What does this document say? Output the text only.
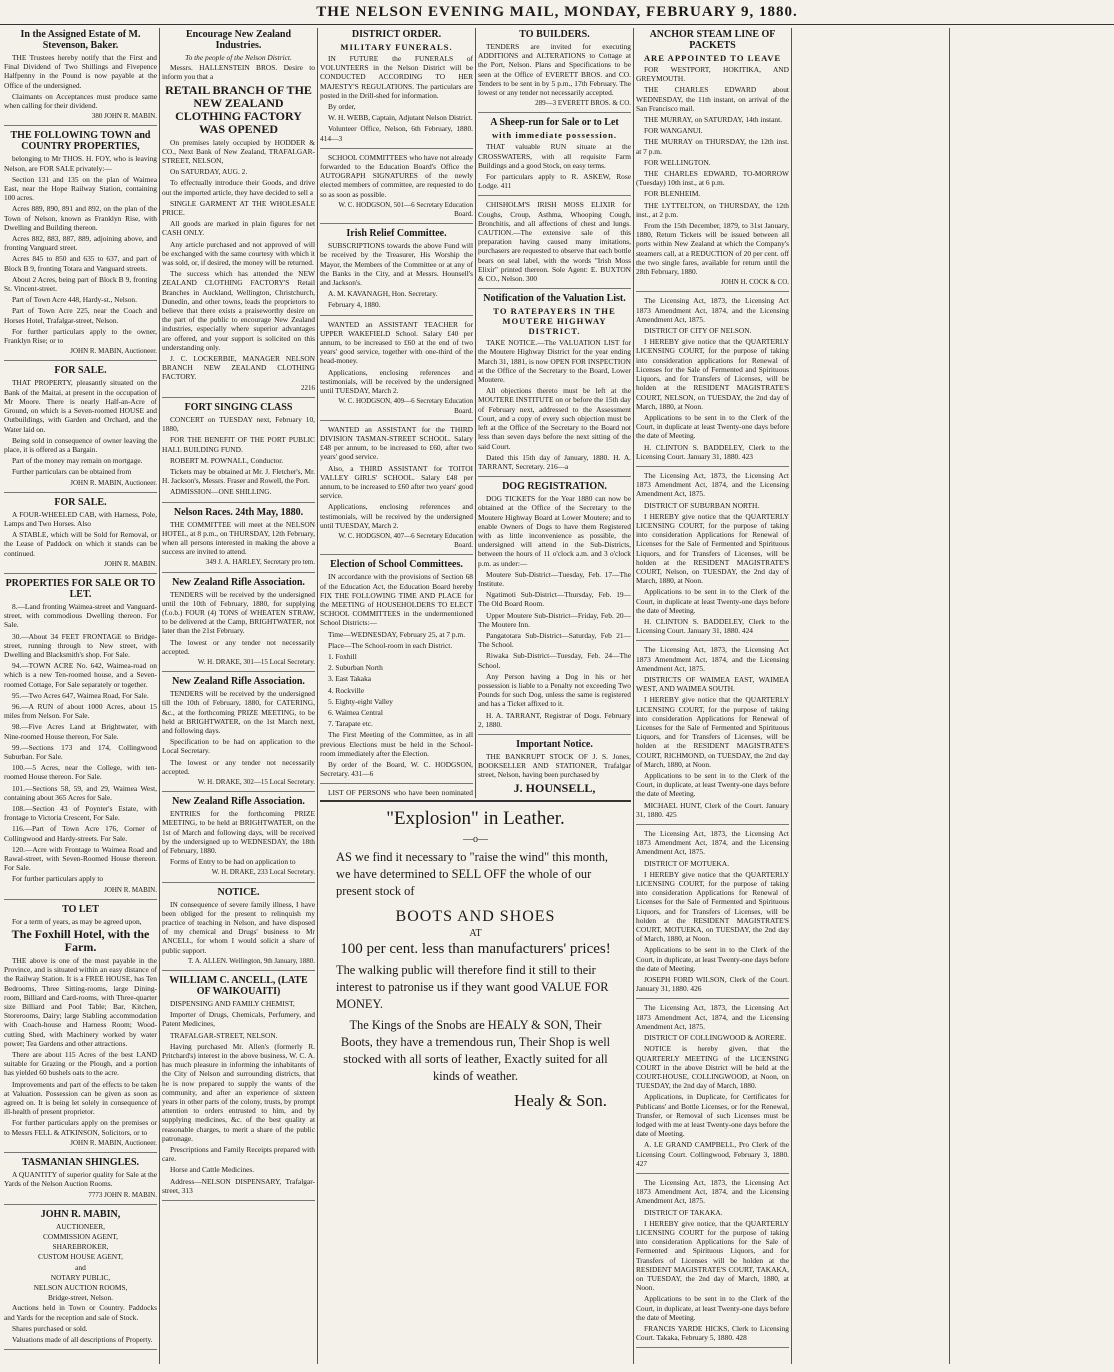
THE NELSON EVENING MAIL, MONDAY, FEBRUARY 9, 1880.
In the Assigned Estate of M. Stevenson, Baker.

THE Trustees hereby notify that the First and Final Dividend of Two Shillings and Fivepence Halfpenny in the Pound is now payable at the Office of the undersigned.

Claimants on Acceptances must produce same when calling for their dividend.

380 JOHN R. MABIN.
THE FOLLOWING TOWN and COUNTRY PROPERTIES,

belonging to Mr THOS. H. FOY, who is leaving Nelson, are FOR SALE privately:—

Section 131 and 135 on the plan of Waimea East, near the Hope Railway Station, containing 100 acres.

Acres 889, 890, 891 and 892, on the plan of the Town of Nelson, known as Franklyn Rise, with Dwelling and Building thereon.

Acres 882, 883, 887, 889, adjoining above, and fronting Vanguard street.

Acres 845 to 850 and 635 to 637, and part of Block B 9, fronting Totara and Vanguard streets.

About 2 Acres, being part of Block B 9, fronting St. Vincent-street.

Part of Town Acre 448, Hardy-st., Nelson.

Part of Town Acre 225, near the Coach and Horses Hotel, Trafalgar-street, Nelson.

For further particulars apply to the owner, Franklyn Rise; or to

JOHN R. MABIN, Auctioneer.
FOR SALE.

THAT PROPERTY, pleasantly situated on the Bank of the Maitai, at present in the occupation of Mr Moore. There is nearly Half-an-Acre of Ground, on which is a Seven-roomed HOUSE and Outbuildings, with Garden and Orchard, and the Water laid on.

Being sold in consequence of owner leaving the place, it is offered as a Bargain.

Part of the money may remain on mortgage.

Further particulars can be obtained from

JOHN R. MABIN, Auctioneer.
FOR SALE.

A FOUR-WHEELED CAB, with Harness, Pole, Lamps and Two Horses. Also

A STABLE, which will be Sold for Removal, or the Lease of Paddock on which it stands can be continued.

JOHN R. MABIN.
PROPERTIES FOR SALE OR TO LET.

8.—Land fronting Waimea-street and Vanguard-street, with commodious Dwelling thereon. For Sale.

30.—About 34 FEET FRONTAGE to Bridge-street, running through to New street, with Dwelling and Blacksmith's shop. For Sale.

94.—TOWN ACRE No. 642, Waimea-road on which is a new Ten-roomed house, and a Seven-roomed Cottage, For Sale separately or together.

95.—Two Acres 647, Waimea Road, For Sale.

96.—A RUN of about 1000 Acres, about 15 miles from Nelson. For Sale.

98.—Five Acres Land at Brightwater, with Nine-roomed House thereon, For Sale.

99.—Sections 173 and 174, Collingwood Suburban. For Sale.

100.—5 Acres, near the College, with ten-roomed House thereon. For Sale.

101.—Sections 58, 59, and 29, Waimea West, containing about 365 Acres for Sale.

108.—Section 43 of Poynter's Estate, with frontage to Victoria Crescent, For Sale.

116.—Part of Town Acre 176, Corner of Collingwood and Hardy-streets. For Sale.

120.—Acre with Frontage to Waimea Road and Rawal-street, with Seven-Roomed House thereon. For Sale.

For further particulars apply to

JOHN R. MABIN.
TO LET

For a term of years, as may be agreed upon,

The Foxhill Hotel, with the Farm.

THE above is one of the most payable in the Province, and is situated within an easy distance of the Railway Station. It is a FREE HOUSE, has Ten Bedrooms, Three Sitting-rooms, large Dining-room, Billiard and Card-rooms, with Three-quarter size Billiard and Pool Table; Bar, Kitchen, Storerooms, Dairy; large Stabling accommodation with Coach-house and Harness Room; Wood-cutting Shed, with Machinery worked by water power; Tea Gardens and other attractions.

There are about 115 Acres of the best LAND suitable for Grazing or the Plough, and a portion has yielded 60 bushels oats to the acre.

Improvements and part of the effects to be taken at Valuation. Possession can be given as soon as agreed on. It is being let solely in consequence of ill-health of present proprietor.

For further particulars apply on the premises or to Messrs FELL & ATKINSON, Solicitors, or to

JOHN R. MABIN, Auctioneer.
TASMANIAN SHINGLES.

A QUANTITY of superior quality for Sale at the Yards of the Nelson Auction Rooms.

7773 JOHN R. MABIN.
JOHN R. MABIN,
AUCTIONEER,
COMMISSION AGENT,
SHAREBROKER,
CUSTOM HOUSE AGENT,
and
NOTARY PUBLIC,
NELSON AUCTION ROOMS,
Bridge-street, Nelson.

Auctions held in Town or Country. Paddocks and Yards for the reception and sale of Stock.

Shares purchased or sold.

Valuations made of all descriptions of Property.

Encourage New Zealand Industries.
To the people of the Nelson District.

Messrs. HALLENSTEIN BROS. Desire to inform you that a

RETAIL BRANCH OF THE NEW ZEALAND CLOTHING FACTORY WAS OPENED

On premises lately occupied by HODDER & CO., Next Bank of New Zealand, TRAFALGAR-STREET, NELSON,

On SATURDAY, AUG. 2.

To effectually introduce their Goods, and drive out the imported article, they have decided to sell a

SINGLE GARMENT AT THE WHOLESALE PRICE.

All goods are marked in plain figures for net CASH ONLY.

Any article purchased and not approved of will be exchanged with the same courtesy with which it was sold, or, if desired, the money will be returned.

The success which has attended the NEW ZEALAND CLOTHING FACTORY'S Retail Branches in Auckland, Wellington, Christchurch, Dunedin, and other towns, leads the proprietors to believe that there exists a praiseworthy desire on the part of the public to encourage New Zealand industries, especially where superior advantages are offered, and your support is solicited on this understanding only.

J. C. LOCKERBIE, MANAGER NELSON BRANCH NEW ZEALAND CLOTHING FACTORY.

2216
FORT SINGING CLASS

CONCERT on TUESDAY next, February 10, 1880,

FOR THE BENEFIT OF THE PORT PUBLIC HALL BUILDING FUND.

ROBERT M. POWNALL, Conductor.

Tickets may be obtained at Mr. J. Fletcher's, Mr. H. Jackson's, Messrs. Fraser and Rowell, the Port.

ADMISSION—ONE SHILLING.

Nelson Races. 24th May, 1880.

THE COMMITTEE will meet at the NELSON HOTEL, at 8 p.m., on THURSDAY, 12th February, when all persons interested in making the above a success are invited to attend.

349 J. A. HARLEY, Secretary pro tem.
New Zealand Rifle Association.

TENDERS will be received by the undersigned until the 10th of February, 1880, for supplying (f.o.b.) FOUR (4) TONS of WHEATEN STRAW, to be delivered at the Camp, BRIGHTWATER, not later than the 21st February.

The lowest or any tender not necessarily accepted.

W. H. DRAKE, 301—15 Local Secretary.
New Zealand Rifle Association.

TENDERS will be received by the undersigned till the 10th of February, 1880, for CATERING, &c., at the forthcoming PRIZE MEETING, to be held at BRIGHTWATER, on the 1st March next, and following days.

Specification to be had on application to the Local Secretary.

The lowest or any tender not necessarily accepted.

W. H. DRAKE, 302—15 Local Secretary.
New Zealand Rifle Association.

ENTRIES for the forthcoming PRIZE MEETING, to be held at BRIGHTWATER, on the 1st of March and following days, will be received by the undersigned up to WEDNESDAY, the 18th of February, 1880.

Forms of Entry to be had on application to

W. H. DRAKE, 233 Local Secretary.
NOTICE.

IN consequence of severe family illness, I have been obliged for the present to relinquish my practice of teaching in Nelson, and have disposed of my chemical and Drugs' business to Mr ANCELL, for whom I would solicit a share of public support.

T. A. ALLEN. Wellington, 9th January, 1880.
WILLIAM C. ANCELL, (LATE OF WAIKOUAITI)

DISPENSING AND FAMILY CHEMIST,

Importer of Drugs, Chemicals, Perfumery, and Patent Medicines,

TRAFALGAR-STREET, NELSON.

Having purchased Mr. Allen's (formerly R. Pritchard's) interest in the above business, W. C. A. has much pleasure in informing the inhabitants of the City of Nelson and surrounding districts, that he is now prepared to supply the wants of the community, and after an experience of sixteen years in other parts of the colony, trusts, by prompt attention to orders entrusted to him, and by supplying medicines, &c. of the best quality at reasonable charges, to merit a share of the public patronage.

Prescriptions and Family Receipts prepared with care.

Horse and Cattle Medicines.

Address—NELSON DISPENSARY, Trafalgar-street, 313

DISTRICT ORDER.
MILITARY FUNERALS.

IN FUTURE the FUNERALS of VOLUNTEERS in the Nelson District will be CONDUCTED ACCORDING TO HER MAJESTY'S REGULATIONS. The particulars are posted in the Drill-shed for information.

By order,

W. H. WEBB, Captain, Adjutant Nelson District.

Volunteer Office, Nelson, 6th February, 1880. 414—3

SCHOOL COMMITTEES who have not already forwarded to the Education Board's Office the AUTOGRAPH SIGNATURES of the newly elected members of committee, are requested to do so as soon as possible.

W. C. HODGSON, 501—6 Secretary Education Board.
Irish Relief Committee.

SUBSCRIPTIONS towards the above Fund will be received by the Treasurer, His Worship the Mayor, the Members of the Committee or at any of the Banks in the City, and at Messrs. Hounsell's and Jackson's.

A. M. KAVANAGH, Hon. Secretary.

February 4, 1880.

WANTED an ASSISTANT TEACHER for UPPER WAKEFIELD School. Salary £40 per annum, to be increased to £60 at the end of two years' good service, together with one-third of the head-money.

Applications, enclosing references and testimonials, will be received by the undersigned until TUESDAY, March 2.

W. C. HODGSON, 409—6 Secretary Education Board.

WANTED an ASSISTANT for the THIRD DIVISION TASMAN-STREET SCHOOL. Salary £48 per annum, to be increased to £60, after two years' good service.

Also, a THIRD ASSISTANT for TOITOI VALLEY GIRLS' SCHOOL. Salary £48 per annum, to be increased to £60 after two years' good service.

Applications, enclosing references and testimonials, will be received by the undersigned until TUESDAY, March 2.

W. C. HODGSON, 407—6 Secretary Education Board.
Election of School Committees.

IN accordance with the provisions of Section 68 of the Education Act, the Education Board hereby FIX THE FOLLOWING TIME AND PLACE for the MEETING of HOUSEHOLDERS TO ELECT SCHOOL COMMITTEES in the undermentioned School Districts:—

Time—WEDNESDAY, February 25, at 7 p.m.

Place—The School-room in each District.

1. Foxhill

2. Suburban North

3. East Takaka

4. Rockville

5. Eighty-eight Valley

6. Waimea Central

7. Tarapate etc.

The First Meeting of the Committee, as in all previous Elections must be held in the School-room immediately after the Election.

By order of the Board, W. C. HODGSON, Secretary. 431—6

LIST OF PERSONS who have been nominated

TO BUILDERS.

TENDERS are invited for executing ADDITIONS and ALTERATIONS to Cottage at the Port, Nelson. Plans and Specifications to be seen at the Office of EVERETT BROS. and CO. Tenders to be sent in by 5 p.m., 17th February. The lowest or any tender not necessarily accepted.

289—3 EVERETT BROS. & CO.
A Sheep-run for Sale or to Let
with immediate possession.

THAT valuable RUN situate at the CROSSWATERS, with all requisite Farm Buildings and a good Stock, on easy terms.

For particulars apply to R. ASKEW, Rose Lodge. 411

CHISHOLM'S IRISH MOSS ELIXIR for Coughs, Croup, Asthma, Whooping Cough, Bronchitis, and all affections of chest and lungs. CAUTION.—The extensive sale of this preparation having caused many imitations, purchasers are requested to observe that each bottle bears on seal label, with the words "Irish Moss Elixir" printed thereon. Sole Agent: E. BUXTON & CO., Nelson. 300

Notification of the Valuation List.
TO RATEPAYERS IN THE MOUTERE HIGHWAY DISTRICT.

TAKE NOTICE.—The VALUATION LIST for the Moutere Highway District for the year ending March 31, 1881, is now OPEN FOR INSPECTION at the Office of the Secretary to the Board, Lower Moutere.

All objections thereto must be left at the MOUTERE INSTITUTE on or before the 15th day of February next, addressed to the Assessment Court, and a copy of every such objection must be left at the Office of the Secretary to the Board not less than seven days before the next sitting of the said Court.

Dated this 15th day of January, 1880. H. A. TARRANT, Secretary. 216—a

DOG REGISTRATION.

DOG TICKETS for the Year 1880 can now be obtained at the Office of the Secretary to the Moutere Highway Board at Lower Moutere; and to enable Owners of Dogs to have them Registered with as little inconvenience as possible, the undersigned will attend in the Sub-Districts, between the hours of 11 o'clock a.m. and 3 o'clock p.m. as under:—

Moutere Sub-District—Tuesday, Feb. 17—The Institute.

Ngatimoti Sub-District—Thursday, Feb. 19—The Old Board Room.

Upper Moutere Sub-District—Friday, Feb. 20—The Moutere Inn.

Pangatotara Sub-District—Saturday, Feb 21—The School.

Riwaka Sub-District—Tuesday, Feb. 24—The School.

Any Person having a Dog in his or her possession is liable to a Penalty not exceeding Two Pounds for such Dog, unless the same is registered and has a Ticket affixed to it.

H. A. TARRANT, Registrar of Dogs. February 2, 1880.

Important Notice.

THE BANKRUPT STOCK OF J. S. Jones, BOOKSELLER AND STATIONER, Trafalgar street, Nelson, having been purchased by

J. HOUNSELL,

ANCHOR STEAM LINE OF PACKETS
ARE APPOINTED TO LEAVE

FOR WESTPORT, HOKITIKA, AND GREYMOUTH.

THE CHARLES EDWARD about WEDNESDAY, the 11th instant, on arrival of the San Francisco mail.

THE MURRAY, on SATURDAY, 14th instant.

FOR WANGANUI.

THE MURRAY on THURSDAY, the 12th inst. at 7 p.m.

FOR WELLINGTON.

THE CHARLES EDWARD, TO-MORROW (Tuesday) 10th inst., at 6 p.m.

FOR BLENHEIM.

THE LYTTELTON, on THURSDAY, the 12th inst., at 2 p.m.

From the 15th December, 1879, to 31st January, 1880, Return Tickets will be issued between all ports within New Zealand at which the Company's steamers call, at a REDUCTION of 20 per cent. off the two single fares, available for return until the 28th February, 1880.

JOHN H. COCK & CO.

The Licensing Act, 1873, the Licensing Act 1873 Amendment Act, 1874, and the Licensing Amendment Act, 1875.

DISTRICT OF CITY OF NELSON.

I HEREBY give notice that the QUARTERLY LICENSING COURT, for the purpose of taking into consideration applications for Renewal of Licenses for the Sale of Fermented and Spirituous Liquors, and for Transfers of Licenses, will be holden at the RESIDENT MAGISTRATE'S COURT, NELSON, on TUESDAY, the 2nd day of March, 1880, at Noon.

Applications to be sent in to the Clerk of the Court, in duplicate at least Twenty-one days before the date of Meeting.

H. CLINTON S. BADDELEY, Clerk to the Licensing Court. January 31, 1880. 423

The Licensing Act, 1873, the Licensing Act 1873 Amendment Act, 1874, and the Licensing Amendment Act, 1875.

DISTRICT OF SUBURBAN NORTH.

I HEREBY give notice that the QUARTERLY LICENSING COURT, for the purpose of taking into consideration Applications for Renewal of Licenses for the Sale of Fermented and Spirituous Liquors, and for Transfers of Licenses, will be holden at the RESIDENT MAGISTRATE'S COURT, Nelson, on TUESDAY, the 2nd day of March, 1880, at Noon.

Applications to be sent in to the Clerk of the Court, in duplicate at least Twenty-one days before the date of Meeting.

H. CLINTON S. BADDELEY, Clerk to the Licensing Court. January 31, 1880. 424

The Licensing Act, 1873, the Licensing Act 1873 Amendment Act, 1874, and the Licensing Amendment Act, 1875.

DISTRICTS OF WAIMEA EAST, WAIMEA WEST, AND WAIMEA SOUTH.

I HEREBY give notice that the QUARTERLY LICENSING COURT, for the purpose of taking into consideration Applications for Renewal of Licenses for the Sale of Fermented and Spirituous Liquors, and for Transfers of Licenses, will be holden at the RESIDENT MAGISTRATE'S COURT, RICHMOND, on TUESDAY, the 2nd day of March, 1880, at Noon.

Applications to be sent in to the Clerk of the Court, in duplicate, at least Twenty-one days before the date of Meeting.

MICHAEL HUNT, Clerk of the Court. January 31, 1880. 425

The Licensing Act, 1873, the Licensing Act 1873 Amendment Act, 1874, and the Licensing Amendment Act, 1875.

DISTRICT OF MOTUEKA.

I HEREBY give notice that the QUARTERLY LICENSING COURT, for the purpose of taking into consideration Applications for Renewal of Licenses for the Sale of Fermented and Spirituous Liquors, and for Transfers of Licenses, will be holden at the RESIDENT MAGISTRATE'S COURT, MOTUEKA, on TUESDAY, the 2nd day of March, 1880, at Noon.

Applications to be sent in to the Clerk of the Court, in duplicate, at least Twenty-one days before the date of Meeting.

JOSEPH FORD WILSON, Clerk of the Court. January 31, 1880. 426

The Licensing Act, 1873, the Licensing Act 1873 Amendment Act, 1874, and the Licensing Amendment Act, 1875.

DISTRICT OF COLLINGWOOD & AORERE.

NOTICE is hereby given, that the QUARTERLY MEETING of the LICENSING COURT in the above District will be held at the COURT-HOUSE, COLLINGWOOD, at Noon, on TUESDAY, the 2nd day of March, 1880.

Applications, in Duplicate, for Certificates for Publicans' and Bottle Licenses, or for the Renewal, Transfer, or Removal of such Licenses must be lodged with me at least Twenty-one days before the date of Meeting.

A. LE GRAND CAMPBELL, Pro Clerk of the Licensing Court. Collingwood, February 3, 1880. 427

The Licensing Act, 1873, the Licensing Act 1873 Amendment Act, 1874, and the Licensing Amendment Act, 1875.

DISTRICT OF TAKAKA.

I HEREBY give notice, that the QUARTERLY LICENSING COURT for the purpose of taking into consideration Applications for the Sale of Fermented and Spirituous Liquors, and for Transfers of Licenses will be holden at the RESIDENT MAGISTRATE'S COURT, TAKAKA, on TUESDAY, the 2nd day of March, 1880, at Noon.

Applications to be sent in to the Clerk of the Court, in duplicate, at least Twenty-one days before the date of Meeting.

FRANCIS YARDE HICKS, Clerk to Licensing Court. Takaka, February 5, 1880. 428

"Explosion" in Leather.
—o—

AS we find it necessary to "raise the wind" this month, we have determined to SELL OFF the whole of our present stock of

BOOTS AND SHOES
AT
100 per cent. less than manufacturers' prices!

The walking public will therefore find it still to their interest to patronise us if they want good VALUE FOR MONEY.

The Kings of the Snobs are HEALY & SON, Their Boots, they have a tremendous run, Their Shop is well stocked with all sorts of leather, Exactly suited for all kinds of weather.

Healy & Son.
